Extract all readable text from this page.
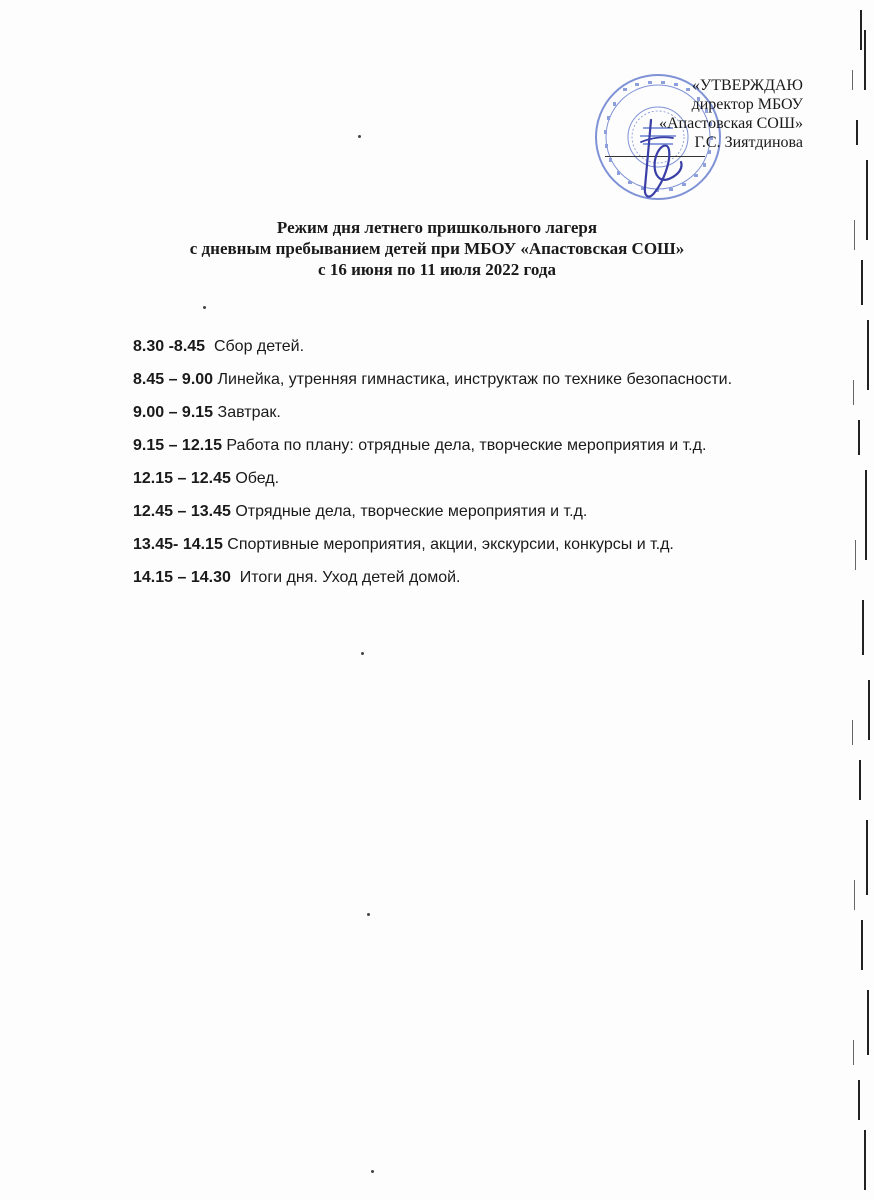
«УТВЕРЖДАЮ
директор МБОУ
«Апастовская СОШ»
Г.С. Зиятдинова
Режим дня летнего пришкольного лагеря
с дневным пребыванием детей при МБОУ «Апастовская СОШ»
с 16 июня по 11 июля 2022 года
8.30 -8.45  Сбор детей.
8.45 – 9.00 Линейка, утренняя гимнастика, инструктаж по технике безопасности.
9.00 – 9.15 Завтрак.
9.15 – 12.15 Работа по плану: отрядные дела, творческие мероприятия и т.д.
12.15 – 12.45 Обед.
12.45 – 13.45 Отрядные дела, творческие мероприятия и т.д.
13.45- 14.15 Спортивные мероприятия, акции, экскурсии, конкурсы и т.д.
14.15 – 14.30  Итоги дня. Уход детей домой.
